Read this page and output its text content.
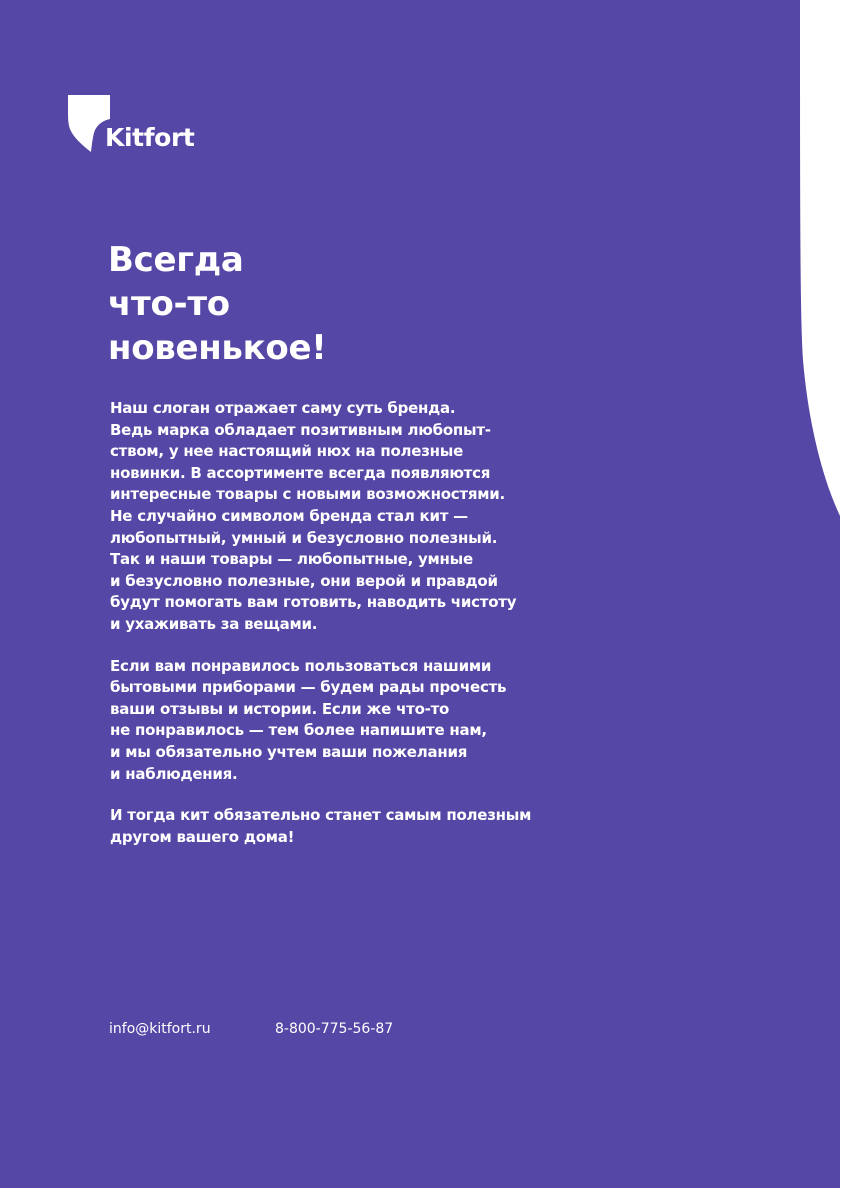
Kitfort
Всегда
что-то
новенькое!

Наш слоган отражает саму суть бренда.
Ведь марка обладает позитивным любопыт-
ством, у нее настоящий нюх на полезные
новинки. В ассортименте всегда появляются
интересные товары с новыми возможностями.
Не случайно символом бренда стал кит —
любопытный, умный и безусловно полезный.
Так и наши товары — любопытные, умные
и безусловно полезные, они верой и правдой
будут помогать вам готовить, наводить чистоту
и ухаживать за вещами.

Если вам понравилось пользоваться нашими
бытовыми приборами — будем рады прочесть
ваши отзывы и истории. Если же что-то
не понравилось — тем более напишите нам,
и мы обязательно учтем ваши пожелания
и наблюдения.

И тогда кит обязательно станет самым полезным
другом вашего дома!

info@kitfort.ru	8-800-775-56-87
